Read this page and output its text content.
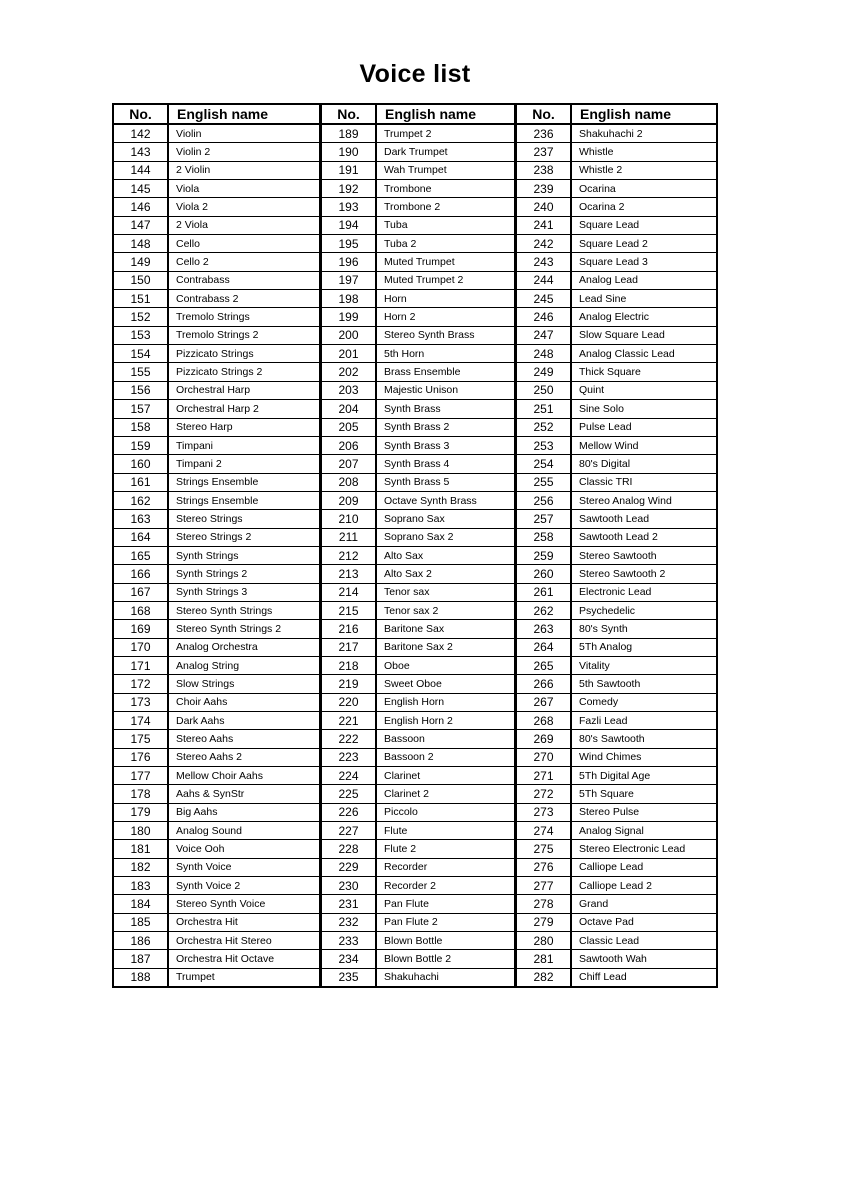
Voice list
No.	English name
142	Violin
143	Violin 2
144	2 Violin
145	Viola
146	Viola 2
147	2 Viola
148	Cello
149	Cello 2
150	Contrabass
151	Contrabass 2
152	Tremolo Strings
153	Tremolo Strings 2
154	Pizzicato Strings
155	Pizzicato Strings 2
156	Orchestral Harp
157	Orchestral Harp 2
158	Stereo Harp
159	Timpani
160	Timpani 2
161	Strings Ensemble
162	Strings Ensemble
163	Stereo Strings
164	Stereo Strings 2
165	Synth Strings
166	Synth Strings 2
167	Synth Strings 3
168	Stereo Synth Strings
169	Stereo Synth Strings 2
170	Analog Orchestra
171	Analog String
172	Slow Strings
173	Choir Aahs
174	Dark Aahs
175	Stereo Aahs
176	Stereo Aahs 2
177	Mellow Choir Aahs
178	Aahs & SynStr
179	Big Aahs
180	Analog Sound
181	Voice Ooh
182	Synth Voice
183	Synth Voice 2
184	Stereo Synth Voice
185	Orchestra Hit
186	Orchestra Hit Stereo
187	Orchestra Hit Octave
188	Trumpet
No.	English name
189	Trumpet 2
190	Dark Trumpet
191	Wah Trumpet
192	Trombone
193	Trombone 2
194	Tuba
195	Tuba 2
196	Muted Trumpet
197	Muted Trumpet 2
198	Horn
199	Horn 2
200	Stereo Synth Brass
201	5th Horn
202	Brass Ensemble
203	Majestic Unison
204	Synth Brass
205	Synth Brass 2
206	Synth Brass 3
207	Synth Brass 4
208	Synth Brass 5
209	Octave Synth Brass
210	Soprano Sax
211	Soprano Sax 2
212	Alto Sax
213	Alto Sax 2
214	Tenor sax
215	Tenor sax 2
216	Baritone Sax
217	Baritone Sax 2
218	Oboe
219	Sweet Oboe
220	English Horn
221	English Horn 2
222	Bassoon
223	Bassoon 2
224	Clarinet
225	Clarinet 2
226	Piccolo
227	Flute
228	Flute 2
229	Recorder
230	Recorder 2
231	Pan Flute
232	Pan Flute 2
233	Blown Bottle
234	Blown Bottle 2
235	Shakuhachi
No.	English name
236	Shakuhachi 2
237	Whistle
238	Whistle 2
239	Ocarina
240	Ocarina 2
241	Square Lead
242	Square Lead 2
243	Square Lead 3
244	Analog Lead
245	Lead Sine
246	Analog Electric
247	Slow Square Lead
248	Analog Classic Lead
249	Thick Square
250	Quint
251	Sine Solo
252	Pulse Lead
253	Mellow Wind
254	80's Digital
255	Classic TRI
256	Stereo Analog Wind
257	Sawtooth Lead
258	Sawtooth Lead 2
259	Stereo Sawtooth
260	Stereo Sawtooth 2
261	Electronic Lead
262	Psychedelic
263	80's Synth
264	5Th Analog
265	Vitality
266	5th Sawtooth
267	Comedy
268	Fazli Lead
269	80's Sawtooth
270	Wind Chimes
271	5Th Digital Age
272	5Th Square
273	Stereo Pulse
274	Analog Signal
275	Stereo Electronic Lead
276	Calliope Lead
277	Calliope Lead 2
278	Grand
279	Octave Pad
280	Classic Lead
281	Sawtooth Wah
282	Chiff Lead
